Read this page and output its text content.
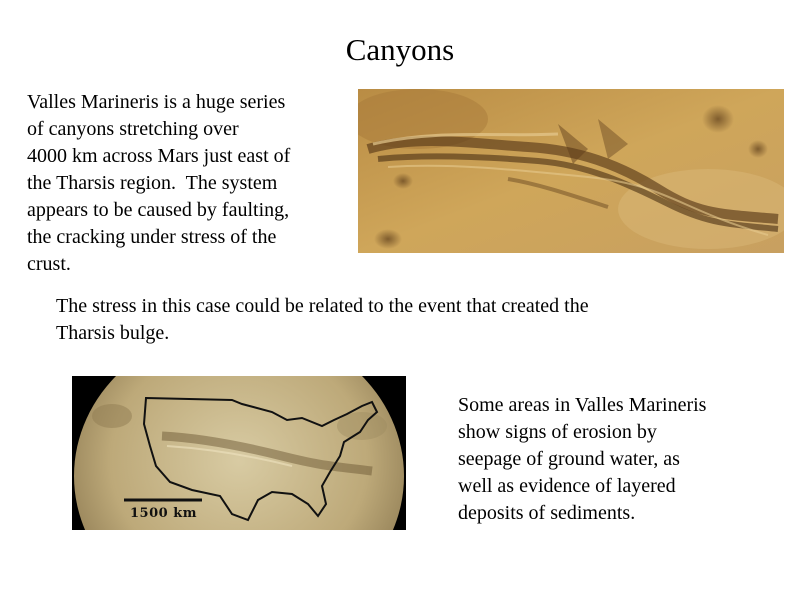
Canyons

Valles Marineris is a huge series
of canyons stretching over
4000 km across Mars just east of
the Tharsis region.  The system
appears to be caused by faulting,
the cracking under stress of the
crust.

The stress in this case could be related to the event that created the
Tharsis bulge.

1500 km

Some areas in Valles Marineris
show signs of erosion by
seepage of ground water, as
well as evidence of layered
deposits of sediments.
